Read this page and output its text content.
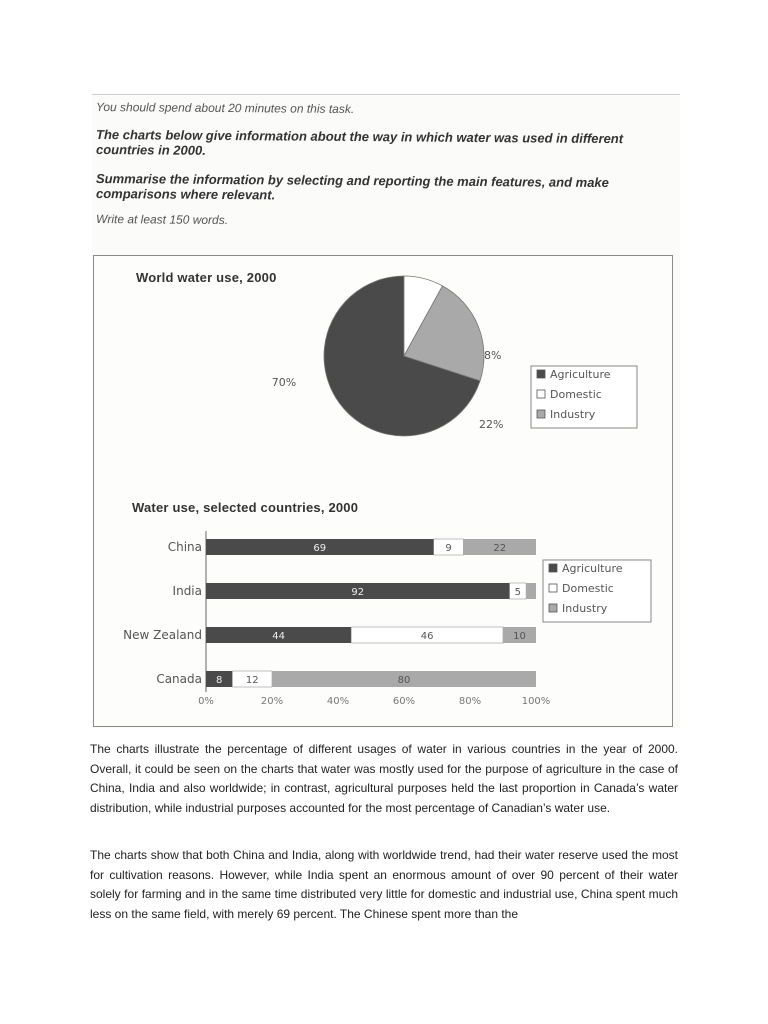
You should spend about 20 minutes on this task.
The charts below give information about the way in which water was used in different countries in 2000.
Summarise the information by selecting and reporting the main features, and make comparisons where relevant.
Write at least 150 words.
World water use, 2000
Water use, selected countries, 2000
70%
8%
22%
Agriculture
Domestic
Industry
China	69	9	22
India	92	5
New Zealand	44	46	10
Canada 8 12	80
0%	20%	40%	60%	80%	100%
Agriculture
Domestic
Industry

The charts illustrate the percentage of different usages of water in various countries in the year of 2000. Overall, it could be seen on the charts that water was mostly used for the purpose of agriculture in the case of China, India and also worldwide; in contrast, agricultural purposes held the last proportion in Canada’s water distribution, while industrial purposes accounted for the most percentage of Canadian’s water use.

The charts show that both China and India, along with worldwide trend, had their water reserve used the most for cultivation reasons. However, while India spent an enormous amount of over 90 percent of their water solely for farming and in the same time distributed very little for domestic and industrial use, China spent much less on the same field, with merely 69 percent. The Chinese spent more than the
